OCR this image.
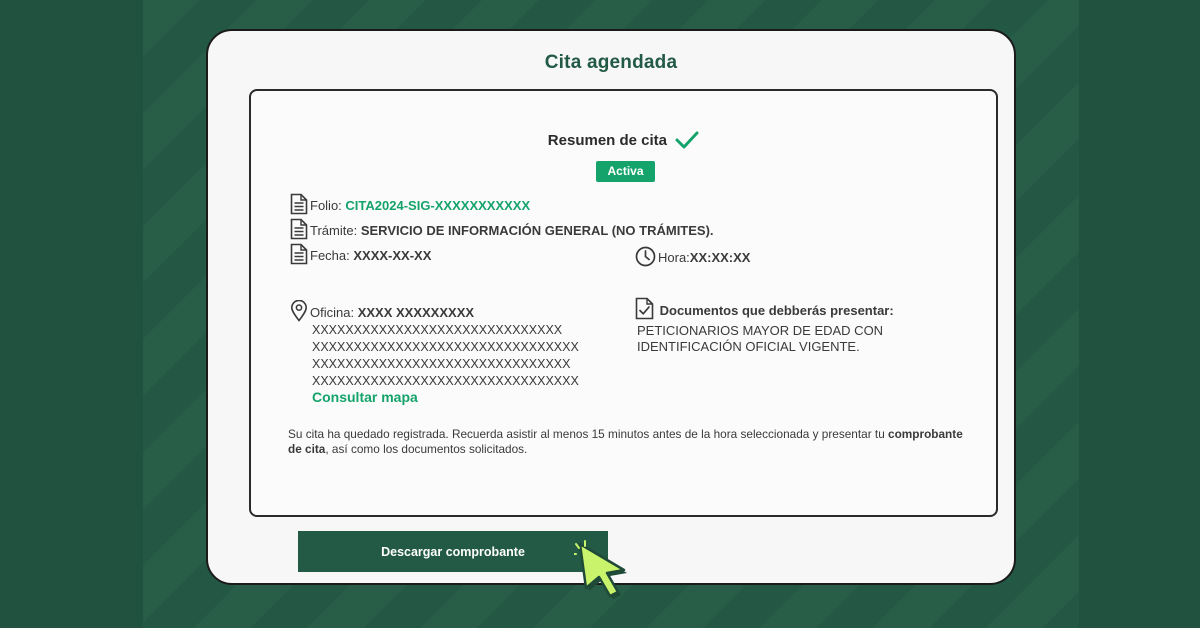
Cita agendada
Resumen de cita
Activa
Folio: CITA2024-SIG-XXXXXXXXXXX
Trámite: SERVICIO DE INFORMACIÓN GENERAL (NO TRÁMITES).
Fecha: XXXX-XX-XX	Hora:XX:XX:XX
Oficina: XXXX XXXXXXXXX
XXXXXXXXXXXXXXXXXXXXXXXXXXXXXX
XXXXXXXXXXXXXXXXXXXXXXXXXXXXXXXX
XXXXXXXXXXXXXXXXXXXXXXXXXXXXXXX
XXXXXXXXXXXXXXXXXXXXXXXXXXXXXXXX
Consultar mapa
Documentos que debberás presentar:
PETICIONARIOS MAYOR DE EDAD CON
IDENTIFICACIÓN OFICIAL VIGENTE.
Su cita ha quedado registrada. Recuerda asistir al menos 15 minutos antes de la hora seleccionada y presentar tu comprobante de cita, así como los documentos solicitados.
Descargar comprobante
